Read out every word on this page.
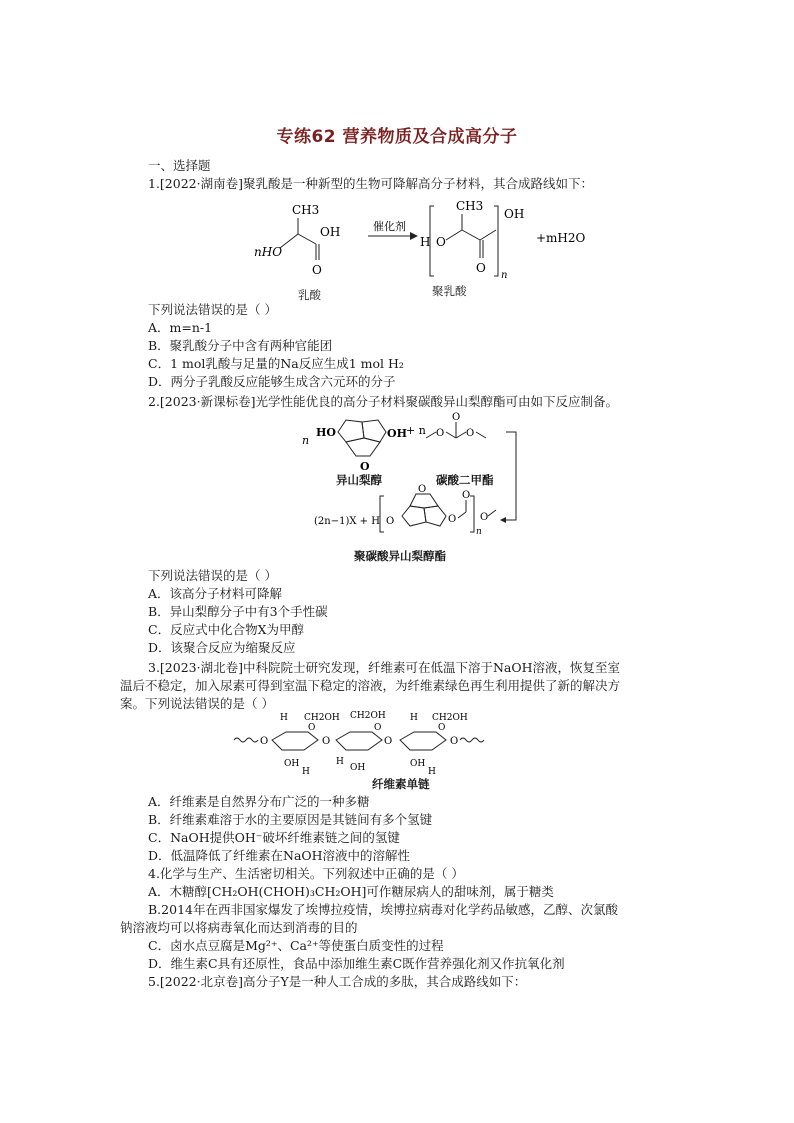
专练62 营养物质及合成高分子
一、选择题
1.[2022·湖南卷]聚乳酸是一种新型的生物可降解高分子材料，其合成路线如下：
CH3
OH
O
nHO
催化剂
H O
CH3
O
n
OH
+mH2O
乳酸	聚乳酸
下列说法错误的是（ ）
A．m=n-1
B．聚乳酸分子中含有两种官能团
C．1 mol乳酸与足量的Na反应生成1 mol H₂
D．两分子乳酸反应能够生成含六元环的分子
2.[2023·新课标卷]光学性能优良的高分子材料聚碳酸异山梨醇酯可由如下反应制备。
n
HO	OH
O
+ n O
O
O
(2n−1)X + H O
O
O
O
n
O
异山梨醇	碳酸二甲酯
聚碳酸异山梨醇酯
下列说法错误的是（ ）
A．该高分子材料可降解
B．异山梨醇分子中有3个手性碳
C．反应式中化合物X为甲醇
D．该聚合反应为缩聚反应
3.[2023·湖北卷]中科院院士研究发现，纤维素可在低温下溶于NaOH溶液，恢复至室
温后不稳定，加入尿素可得到室温下稳定的溶液，为纤维素绿色再生利用提供了新的解决方
案。下列说法错误的是（ ）
O
O
CH2OH
H
OH
H
O
CH2OH
O
H
OH
O
CH2OH
H
O
OH
H
O
纤维素单链
A．纤维素是自然界分布广泛的一种多糖
B．纤维素难溶于水的主要原因是其链间有多个氢键
C．NaOH提供OH⁻破坏纤维素链之间的氢键
D．低温降低了纤维素在NaOH溶液中的溶解性
4.化学与生产、生活密切相关。下列叙述中正确的是（ ）
A．木糖醇[CH₂OH(CHOH)₃CH₂OH]可作糖尿病人的甜味剂，属于糖类
B.2014年在西非国家爆发了埃博拉疫情，埃博拉病毒对化学药品敏感，乙醇、次氯酸
钠溶液均可以将病毒氧化而达到消毒的目的
C．卤水点豆腐是Mg²⁺、Ca²⁺等使蛋白质变性的过程
D．维生素C具有还原性，食品中添加维生素C既作营养强化剂又作抗氧化剂
5.[2022·北京卷]高分子Y是一种人工合成的多肽，其合成路线如下：
